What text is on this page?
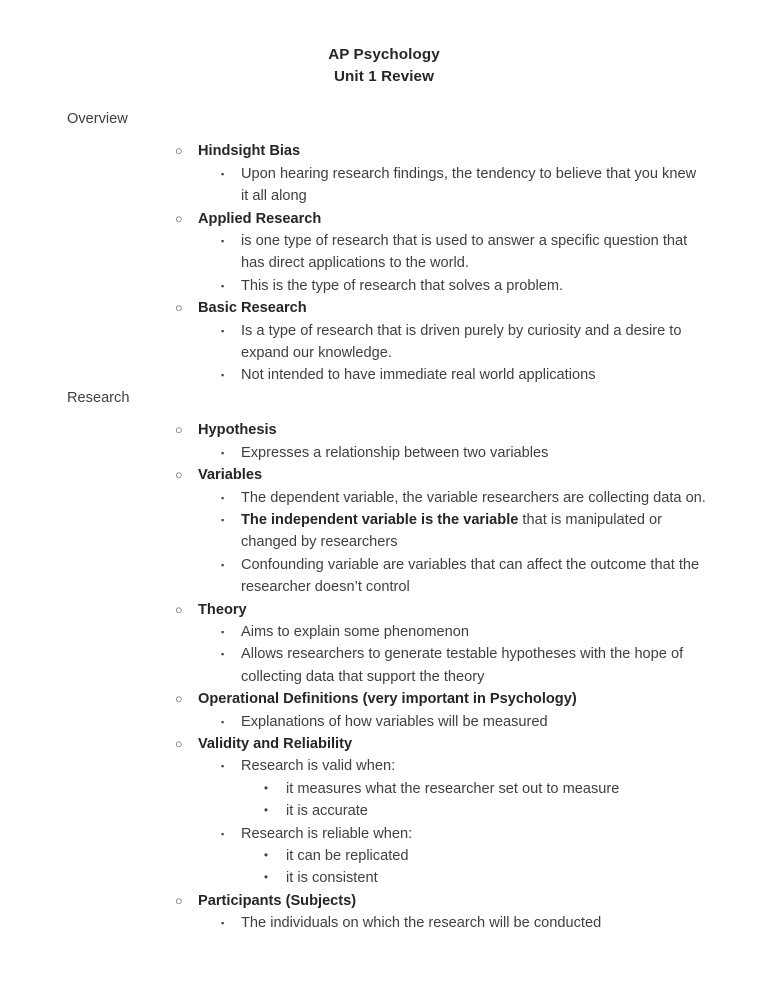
AP Psychology
Unit 1 Review
Overview
○
Hindsight Bias
▪
Upon hearing research findings, the tendency to believe that you knew it all along
○
Applied Research
▪
is one type of research that is used to answer a specific question that has direct applications to the world.
▪
This is the type of research that solves a problem.
○
Basic Research
▪
Is a type of research that is driven purely by curiosity and a desire to expand our knowledge.
▪
Not intended to have immediate real world applications
Research
○
Hypothesis
▪
Expresses a relationship between two variables
○
Variables
▪
The dependent variable, the variable researchers are collecting data on.
▪
The independent variable is the variable that is manipulated or changed by researchers
▪
Confounding variable are variables that can affect the outcome that the researcher doesn’t control
○
Theory
▪
Aims to explain some phenomenon
▪
Allows researchers to generate testable hypotheses with the hope of collecting data that support the theory
○
Operational Definitions (very important in Psychology)
▪
Explanations of how variables will be measured
○
Validity and Reliability
▪
Research is valid when:
•
it measures what the researcher set out to measure
•
it is accurate
▪
Research is reliable when:
•
it can be replicated
•
it is consistent
○
Participants (Subjects)
▪
The individuals on which the research will be conducted
